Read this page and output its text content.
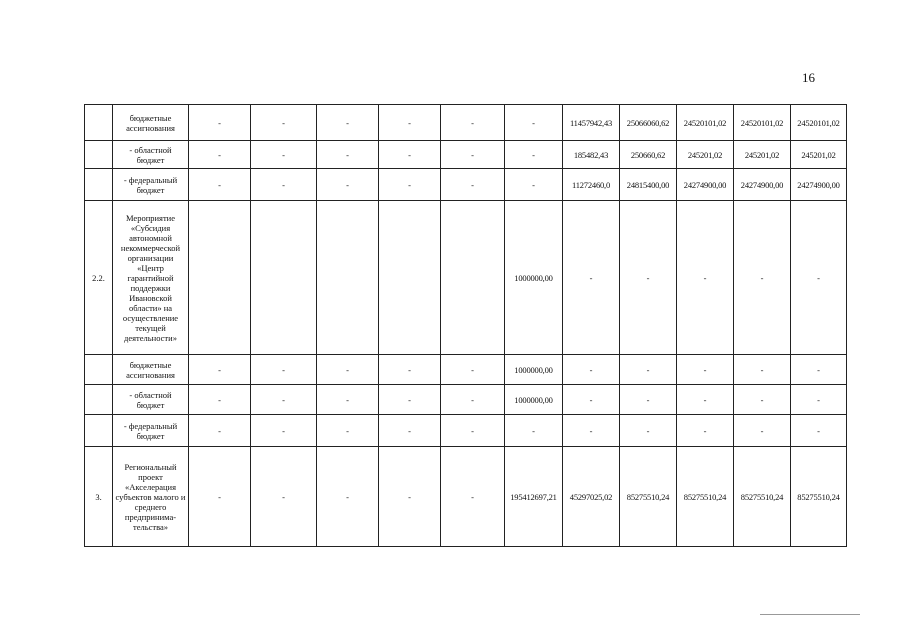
16
	бюджетные ассигнования	-	-	-	-	-	-	11457942,43	25066060,62	24520101,02	24520101,02	24520101,02
	- областной бюджет	-	-	-	-	-	-	185482,43	250660,62	245201,02	245201,02	245201,02
	- федеральный бюджет	-	-	-	-	-	-	11272460,0	24815400,00	24274900,00	24274900,00	24274900,00
2.2.	Мероприятие «Субсидия автономной некоммерческой организации «Центр гарантийной поддержки Ивановской области» на осуществление текущей деятельности»						1000000,00	-	-	-	-	-
	бюджетные ассигнования	-	-	-	-	-	1000000,00	-	-	-	-	-
	- областной бюджет	-	-	-	-	-	1000000,00	-	-	-	-	-
	- федеральный бюджет	-	-	-	-	-	-	-	-	-	-	-
3.	Региональный проект «Акселерация субъектов малого и среднего предпринима-тельства»	-	-	-	-	-	195412697,21	45297025,02	85275510,24	85275510,24	85275510,24	85275510,24
